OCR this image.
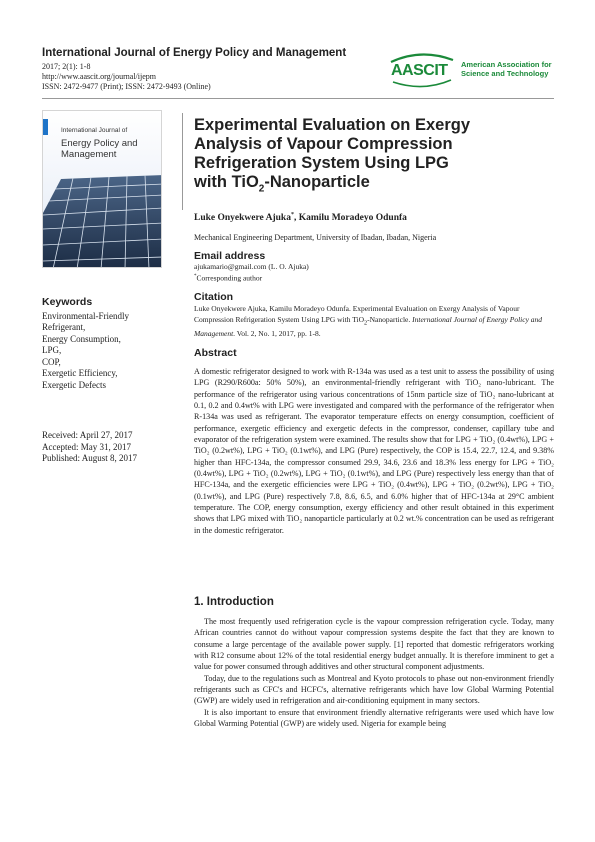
International Journal of Energy Policy and Management
2017; 2(1): 1-8
http://www.aascit.org/journal/ijepm
ISSN: 2472-9477 (Print); ISSN: 2472-9493 (Online)
AASCIT American Association for
Science and Technology
International Journal of
Energy Policy and Management
Keywords
Environmental-Friendly
Refrigerant,
Energy Consumption,
LPG,
COP,
Exergetic Efficiency,
Exergetic Defects
Received: April 27, 2017
Accepted: May 31, 2017
Published: August 8, 2017
Experimental Evaluation on Exergy
Analysis of Vapour Compression
Refrigeration System Using LPG
with TiO$_2$-Nanoparticle
Luke Onyekwere Ajuka*, Kamilu Moradeyo Odunfa
Mechanical Engineering Department, University of Ibadan, Ibadan, Nigeria
Email address
ajukamario@gmail.com (L. O. Ajuka)
*Corresponding author
Citation
Luke Onyekwere Ajuka, Kamilu Moradeyo Odunfa. Experimental Evaluation on Exergy Analysis of Vapour Compression Refrigeration System Using LPG with TiO$_2$-Nanoparticle. International Journal of Energy Policy and Management. Vol. 2, No. 1, 2017, pp. 1-8.
Abstract
A domestic refrigerator designed to work with R-134a was used as a test unit to assess the possibility of using LPG (R290/R600a: 50% 50%), an environmental-friendly refrigerant with TiO₂ nano-lubricant. The performance of the refrigerator using various concentrations of 15nm particle size of TiO₂ nano-lubricant at 0.1, 0.2 and 0.4wt% with LPG were investigated and compared with the performance of the refrigerator when R-134a was used as refrigerant. The evaporator temperature effects on energy consumption, coefficient of performance, exergetic efficiency and exergetic defects in the compressor, condenser, capillary tube and evaporator of the refrigeration system were examined. The results show that for LPG + TiO₂ (0.4wt%), LPG + TiO₂ (0.2wt%), LPG + TiO₂ (0.1wt%), and LPG (Pure) respectively, the COP is 15.4, 22.7, 12.4, and 9.38% higher than HFC-134a, the compressor consumed 29.9, 34.6, 23.6 and 18.3% less energy for LPG + TiO₂ (0.4wt%), LPG + TiO₂ (0.2wt%), LPG + TiO₂ (0.1wt%), and LPG (Pure) respectively less energy than that of HFC-134a, and the exergetic efficiencies were LPG + TiO₂ (0.4wt%), LPG + TiO₂ (0.2wt%), LPG + TiO₂ (0.1wt%), and LPG (Pure) respectively 7.8, 8.6, 6.5, and 6.0% higher that of HFC-134a at 29°C ambient temperature. The COP, energy consumption, exergy efficiency and other result obtained in this experiment shows that LPG mixed with TiO₂ nanoparticle particularly at 0.2 wt.% concentration can be used as refrigerant in the domestic refrigerator.
1. Introduction

The most frequently used refrigeration cycle is the vapour compression refrigeration cycle. Today, many African countries cannot do without vapour compression systems despite the fact that they are known to consume a large percentage of the available power supply. [1] reported that domestic refrigerators working with R12 consume about 12% of the total residential energy budget annually. It is therefore imminent to get a value for power consumed through additives and other structural component adjustments.

Today, due to the regulations such as Montreal and Kyoto protocols to phase out non-environment friendly refrigerants such as CFC's and HCFC's, alternative refrigerants which have low Global Warming Potential (GWP) are widely used in refrigeration and air-conditioning equipment in many sectors.

It is also important to ensure that environment friendly alternative refrigerants were used which have low Global Warming Potential (GWP) are widely used. Nigeria for example being
